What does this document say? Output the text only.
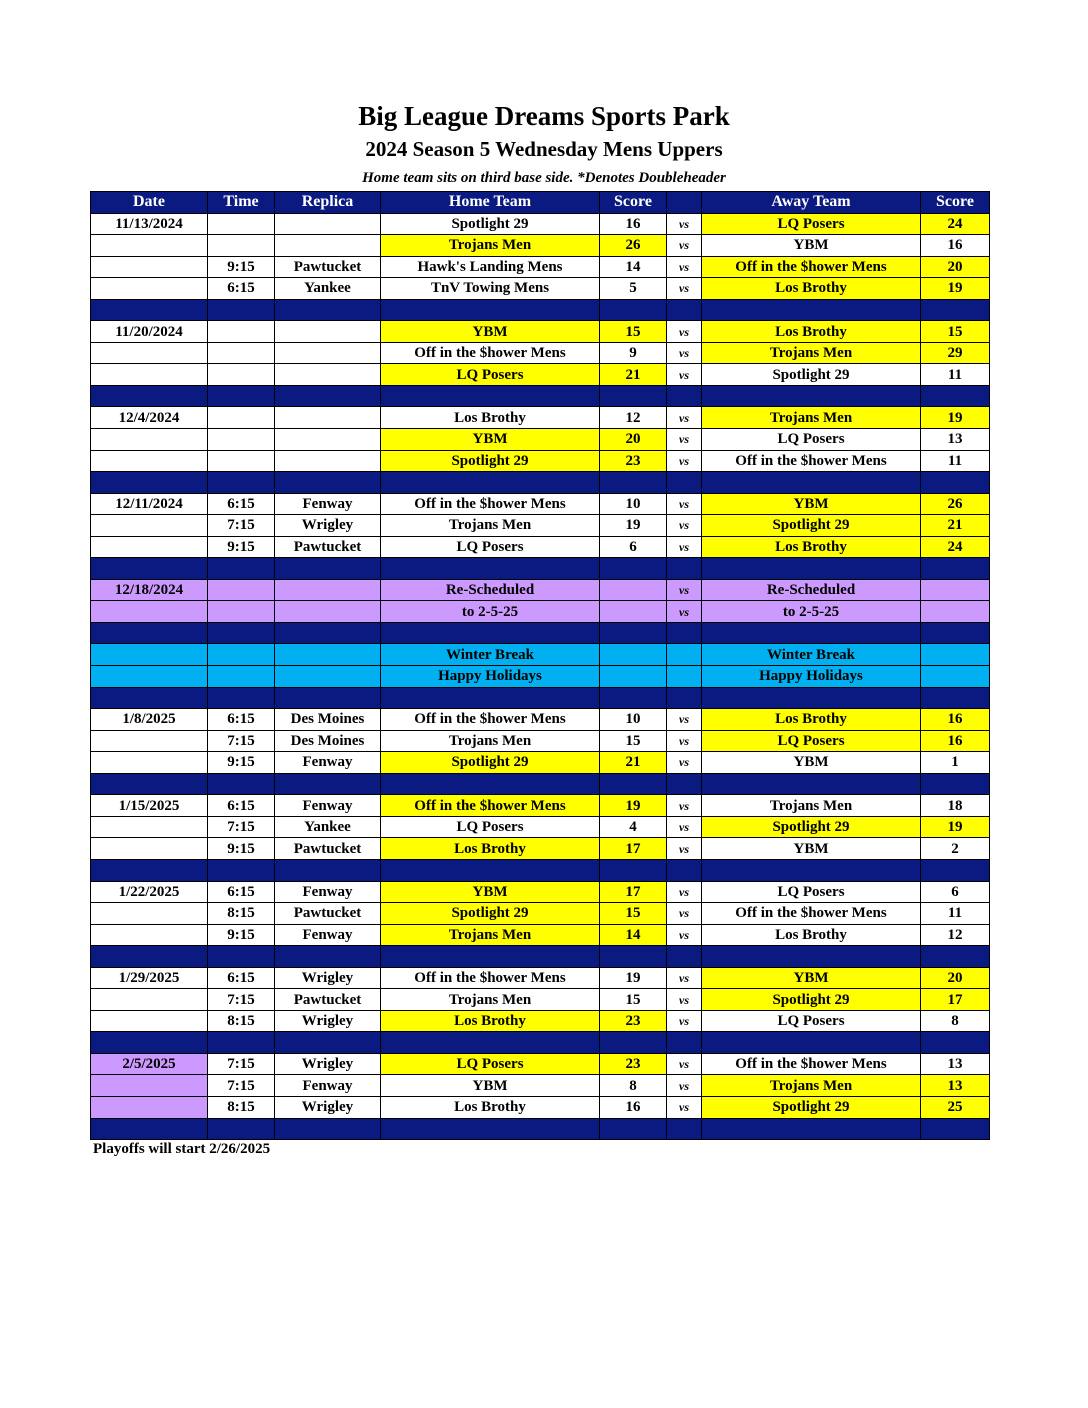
Big League Dreams Sports Park
2024 Season 5 Wednesday Mens Uppers
Home team sits on third base side. *Denotes Doubleheader
Date	Time	Replica	Home Team	Score		Away Team	Score
11/13/2024			Spotlight 29	16	vs	LQ Posers	24
			Trojans Men	26	vs	YBM	16
	9:15	Pawtucket	Hawk's Landing Mens	14	vs	Off in the $hower Mens	20
	6:15	Yankee	TnV Towing Mens	5	vs	Los Brothy	19

11/20/2024			YBM	15	vs	Los Brothy	15
			Off in the $hower Mens	9	vs	Trojans Men	29
			LQ Posers	21	vs	Spotlight 29	11

12/4/2024			Los Brothy	12	vs	Trojans Men	19
			YBM	20	vs	LQ Posers	13
			Spotlight 29	23	vs	Off in the $hower Mens	11

12/11/2024	6:15	Fenway	Off in the $hower Mens	10	vs	YBM	26
	7:15	Wrigley	Trojans Men	19	vs	Spotlight 29	21
	9:15	Pawtucket	LQ Posers	6	vs	Los Brothy	24

12/18/2024			Re-Scheduled		vs	Re-Scheduled	
			to 2-5-25		vs	to 2-5-25	

			Winter Break			Winter Break	
			Happy Holidays			Happy Holidays	

1/8/2025	6:15	Des Moines	Off in the $hower Mens	10	vs	Los Brothy	16
	7:15	Des Moines	Trojans Men	15	vs	LQ Posers	16
	9:15	Fenway	Spotlight 29	21	vs	YBM	1

1/15/2025	6:15	Fenway	Off in the $hower Mens	19	vs	Trojans Men	18
	7:15	Yankee	LQ Posers	4	vs	Spotlight 29	19
	9:15	Pawtucket	Los Brothy	17	vs	YBM	2

1/22/2025	6:15	Fenway	YBM	17	vs	LQ Posers	6
	8:15	Pawtucket	Spotlight 29	15	vs	Off in the $hower Mens	11
	9:15	Fenway	Trojans Men	14	vs	Los Brothy	12

1/29/2025	6:15	Wrigley	Off in the $hower Mens	19	vs	YBM	20
	7:15	Pawtucket	Trojans Men	15	vs	Spotlight 29	17
	8:15	Wrigley	Los Brothy	23	vs	LQ Posers	8

2/5/2025	7:15	Wrigley	LQ Posers	23	vs	Off in the $hower Mens	13
	7:15	Fenway	YBM	8	vs	Trojans Men	13
	8:15	Wrigley	Los Brothy	16	vs	Spotlight 29	25

Playoffs will start 2/26/2025
